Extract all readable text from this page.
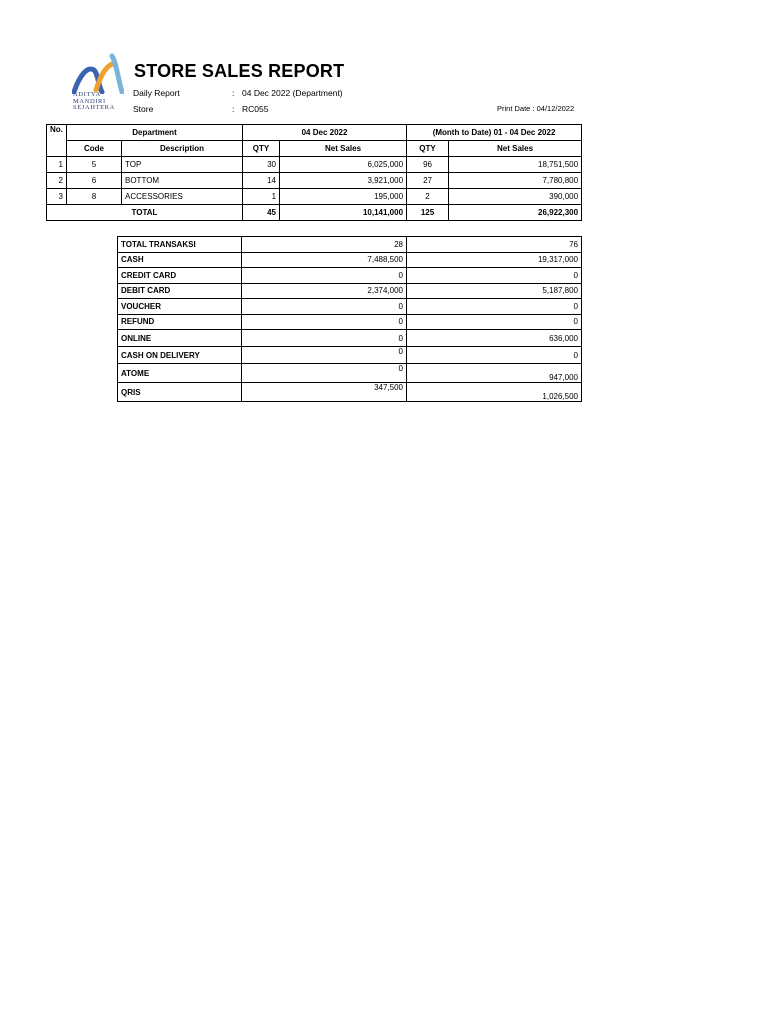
ADITYA
MANDIRI
SEJAHTERA
STORE SALES REPORT
Daily Report	: 04 Dec 2022 (Department)
Store	: RC055	Print Date : 04/12/2022
No.	Department		04 Dec 2022		(Month to Date) 01 - 04 Dec 2022	
	Code	Description	QTY	Net Sales	QTY	Net Sales
1	5	TOP	30	6,025,000	96	18,751,500
2	6	BOTTOM	14	3,921,000	27	7,780,800
3	8	ACCESSORIES	1	195,000	2	390,000
		TOTAL	45	10,141,000	125	26,922,300
TOTAL TRANSAKSI	28	76
CASH	7,488,500	19,317,000
CREDIT CARD	0	0
DEBIT CARD	2,374,000	5,187,800
VOUCHER	0	0
REFUND	0	0
ONLINE	0	636,000
CASH ON DELIVERY	0	0
ATOME	0	947,000
QRIS	347,500	1,026,500
